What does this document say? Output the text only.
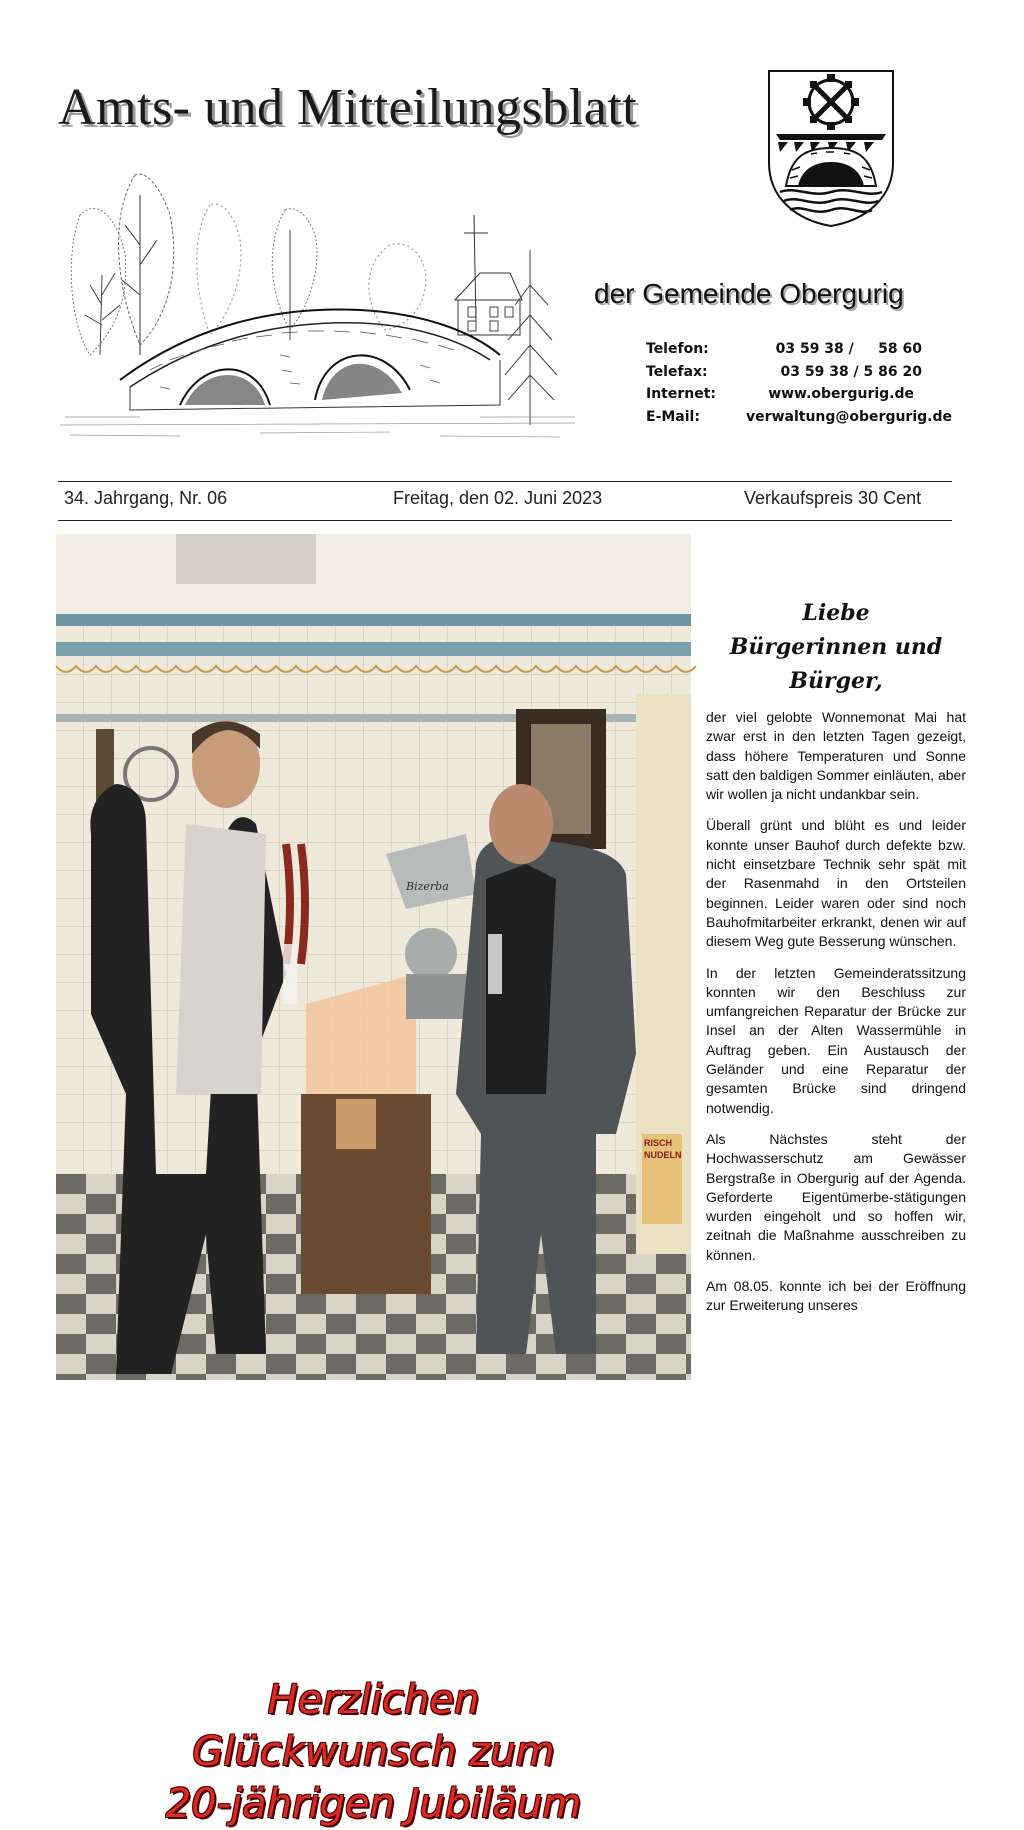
Amts- und Mitteilungsblatt
der Gemeinde Obergurig
Telefon:	03 59 38 /     58 60
Telefax:	03 59 38 / 5 86 20
Internet:	www.obergurig.de
E-Mail:	verwaltung@obergurig.de
34. Jahrgang, Nr. 06	Freitag, den 02. Juni 2023	Verkaufspreis 30 Cent
Bizerba
RISCH
NUDELN
Herzlichen
Glückwunsch zum
20-jährigen Jubiläum
Liebe
Bürgerinnen und
Bürger,

der viel gelobte Wonnemonat Mai hat zwar erst in den letzten Tagen gezeigt, dass höhere Temperaturen und Sonne satt den baldigen Sommer einläuten, aber wir wollen ja nicht undankbar sein.

Überall grünt und blüht es und leider konnte unser Bauhof durch defekte bzw. nicht einsetzbare Technik sehr spät mit der Rasenmahd in den Ortsteilen beginnen. Leider waren oder sind noch Bauhofmitarbeiter erkrankt, denen wir auf diesem Weg gute Besserung wünschen.

In der letzten Gemeinderatssitzung konnten wir den Beschluss zur umfangreichen Reparatur der Brücke zur Insel an der Alten Wassermühle in Auftrag geben. Ein Austausch der Geländer und eine Reparatur der gesamten Brücke sind dringend notwendig.

Als Nächstes steht der Hochwasserschutz am Gewässer Bergstraße in Obergurig auf der Agenda. Geforderte Eigentümerbe-stätigungen wurden eingeholt und so hoffen wir, zeitnah die Maßnahme ausschreiben zu können.

Am 08.05. konnte ich bei der Eröffnung zur Erweiterung unseres
